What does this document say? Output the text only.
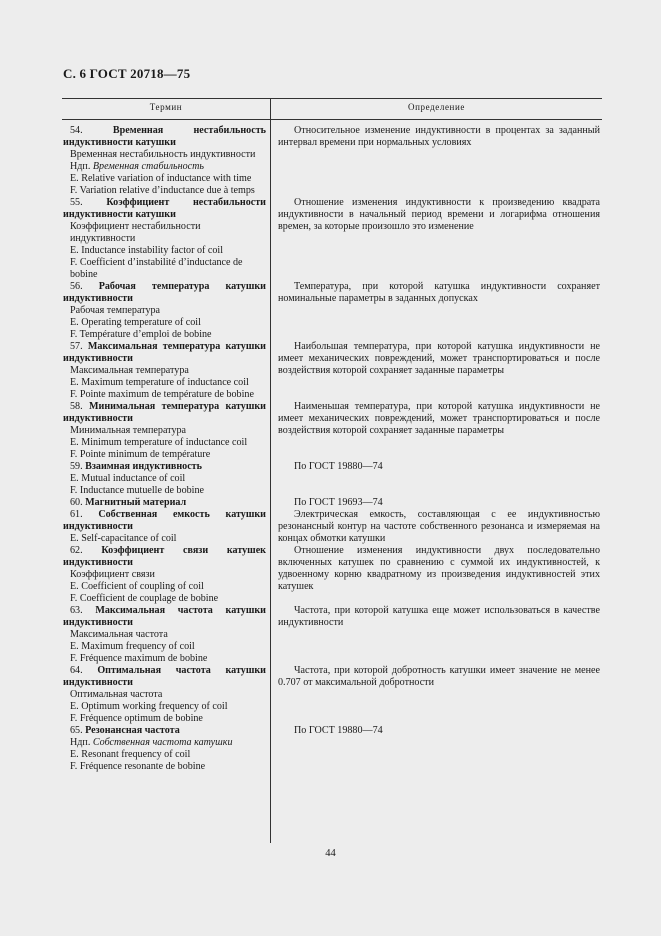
С. 6 ГОСТ 20718—75
Термин	Определение
54. Временная нестабильность индуктивности катушки
Временная нестабильность индуктивности
Ндп. Временная стабильность
E. Relative variation of inductance with time
F. Variation relative d’inductance due à temps
55. Коэффициент нестабильности индуктивности катушки
Коэффициент нестабильности индуктивности
E. Inductance instability factor of coil
F. Coefficient d’instabilité d’inductance de bobine
56. Рабочая температура катушки индуктивности
Рабочая температура
E. Operating temperature of coil
F. Température d’emploi de bobine
57. Максимальная температура катушки индуктивности
Максимальная температура
E. Maximum temperature of inductance coil
F. Pointe maximum de température de bobine
58. Минимальная температура катушки индуктивности
Минимальная температура
E. Minimum temperature of inductance coil
F. Pointe minimum de température
59. Взаимная индуктивность
E. Mutual inductance of coil
F. Inductance mutuelle de bobine
60. Магнитный материал
61. Собственная емкость катушки индуктивности
E. Self-capacitance of coil
62. Коэффициент связи катушек индуктивности
Коэффициент связи
E. Coefficient of coupling of coil
F. Coefficient de couplage de bobine
63. Максимальная частота катушки индуктивности
Максимальная частота
E. Maximum frequency of coil
F. Fréquence maximum de bobine
64. Оптимальная частота катушки индуктивности
Оптимальная частота
E. Optimum working frequency of coil
F. Fréquence optimum de bobine
65. Резонансная частота
Ндп. Собственная частота катушки
E. Resonant frequency of coil
F. Fréquence resonante de bobine
Относительное изменение индуктивности в процентах за заданный интервал времени при нормальных условиях
Отношение изменения индуктивности к произведению квадрата индуктивности в начальный период времени и логарифма отношения времен, за которые произошло это изменение
Температура, при которой катушка индуктивности сохраняет номинальные параметры в заданных допусках
Наибольшая температура, при которой катушка индуктивности не имеет механических повреждений, может транспортироваться и после воздействия которой сохраняет заданные параметры
Наименьшая температура, при которой катушка индуктивности не имеет механических повреждений, может транспортироваться и после воздействия которой сохраняет заданные параметры
По ГОСТ 19880—74
По ГОСТ 19693—74
Электрическая емкость, составляющая с ее индуктивностью резонансный контур на частоте собственного резонанса и измеряемая на концах обмотки катушки
Отношение изменения индуктивности двух последовательно включенных катушек по сравнению с суммой их индуктивностей, к удвоенному корню квадратному из произведения индуктивностей этих катушек
Частота, при которой катушка еще может использоваться в качестве индуктивности
Частота, при которой добротность катушки имеет значение не менее 0.707 от максимальной добротности
По ГОСТ 19880—74
44
